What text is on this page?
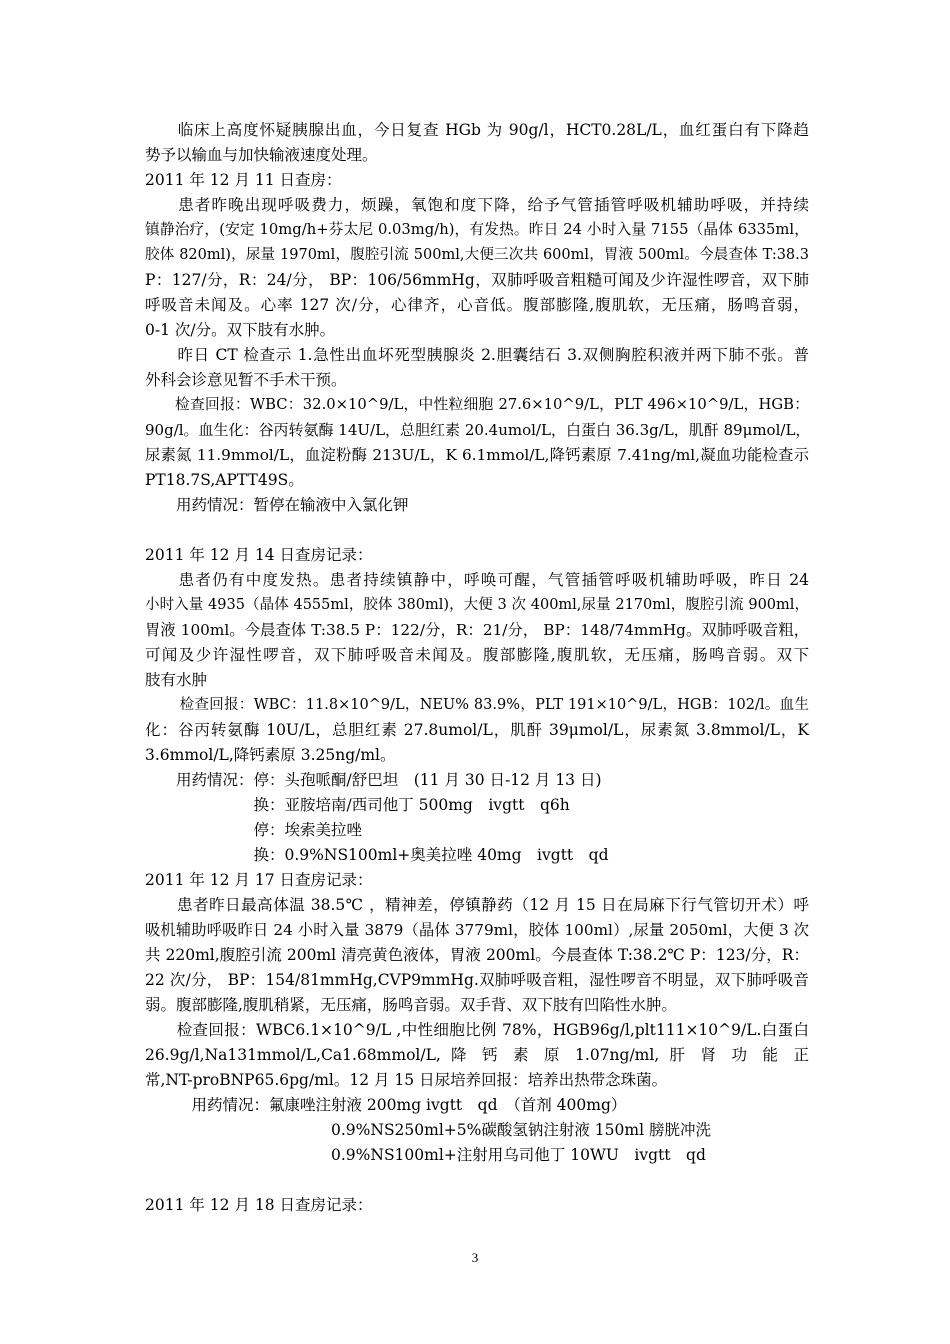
　　临床上高度怀疑胰腺出血，今日复查 HGb 为 90g/l，HCT0.28L/L，血红蛋白有下降趋
势予以输血与加快输液速度处理。
2011 年 12 月 11 日查房：
　　患者昨晚出现呼吸费力，烦躁，氧饱和度下降，给予气管插管呼吸机辅助呼吸，并持续
镇静治疗，(安定 10mg/h+芬太尼 0.03mg/h)，有发热。昨日 24 小时入量 7155（晶体 6335ml，
胶体 820ml)，尿量 1970ml，腹腔引流 500ml,大便三次共 600ml，胃液 500ml。今晨查体 T:38.3
P：127/分，R：24/分， BP：106/56mmHg，双肺呼吸音粗糙可闻及少许湿性啰音，双下肺
呼吸音未闻及。心率 127 次/分，心律齐，心音低。腹部膨隆,腹肌软，无压痛，肠鸣音弱，
0-1 次/分。双下肢有水肿。
　　昨日 CT 检查示 1.急性出血坏死型胰腺炎 2.胆囊结石 3.双侧胸腔积液并两下肺不张。普
外科会诊意见暂不手术干预。
　　检查回报：WBC：32.0×10^9/L，中性粒细胞 27.6×10^9/L，PLT 496×10^9/L，HGB：
90g/l。血生化：谷丙转氨酶 14U/L，总胆红素 20.4umol/L，白蛋白 36.3g/L，肌酐 89μmol/L，
尿素氮 11.9mmol/L，血淀粉酶 213U/L，K 6.1mmol/L,降钙素原 7.41ng/ml,凝血功能检查示
PT18.7S,APTT49S。
　　用药情况：暂停在输液中入氯化钾
2011 年 12 月 14 日查房记录：
　　患者仍有中度发热。患者持续镇静中，呼唤可醒，气管插管呼吸机辅助呼吸，昨日 24
小时入量 4935（晶体 4555ml，胶体 380ml)，大便 3 次 400ml,尿量 2170ml，腹腔引流 900ml，
胃液 100ml。今晨查体 T:38.5 P：122/分，R：21/分， BP：148/74mmHg。双肺呼吸音粗，
可闻及少许湿性啰音，双下肺呼吸音未闻及。腹部膨隆,腹肌软，无压痛，肠鸣音弱。双下
肢有水肿
　　 检查回报：WBC：11.8×10^9/L，NEU% 83.9%，PLT 191×10^9/L，HGB：102/l。血生
化：谷丙转氨酶 10U/L，总胆红素 27.8umol/L，肌酐 39μmol/L，尿素氮 3.8mmol/L，K
3.6mmol/L,降钙素原 3.25ng/ml。
　　用药情况：停：头孢哌酮/舒巴坦　(11 月 30 日-12 月 13 日)
　　　　　　　换：亚胺培南/西司他丁 500mg　ivgtt　q6h
　　　　　　　停：埃索美拉唑
　　　　　　　换：0.9%NS100ml+奥美拉唑 40mg　ivgtt　qd
2011 年 12 月 17 日查房记录：
　　患者昨日最高体温 38.5℃ ，精神差，停镇静药（12 月 15 日在局麻下行气管切开术）呼
吸机辅助呼吸昨日 24 小时入量 3879（晶体 3779ml，胶体 100ml）,尿量 2050ml，大便 3 次
共 220ml,腹腔引流 200ml 清亮黄色液体，胃液 200ml。今晨查体 T:38.2℃ P：123/分，R：
22 次/分， BP：154/81mmHg,CVP9mmHg.双肺呼吸音粗，湿性啰音不明显，双下肺呼吸音
弱。腹部膨隆,腹肌稍紧，无压痛，肠鸣音弱。双手背、双下肢有凹陷性水肿。
　　检查回报：WBC6.1×10^9/L ,中性细胞比例 78%，HGB96g/l,plt111×10^9/L.白蛋白
26.9g/l,Na131mmol/L,Ca1.68mmol/L, 降 钙 素 原 1.07ng/ml, 肝 肾 功 能 正
常,NT-proBNP65.6pg/ml。12 月 15 日尿培养回报：培养出热带念珠菌。
　　　用药情况：氟康唑注射液 200mg ivgtt　qd　（首剂 400mg）
　　　　　　　　　　　　0.9%NS250ml+5%碳酸氢钠注射液 150ml 膀胱冲洗
　　　　　　　　　　　　0.9%NS100ml+注射用乌司他丁 10WU　ivgtt　qd
2011 年 12 月 18 日查房记录：
3
